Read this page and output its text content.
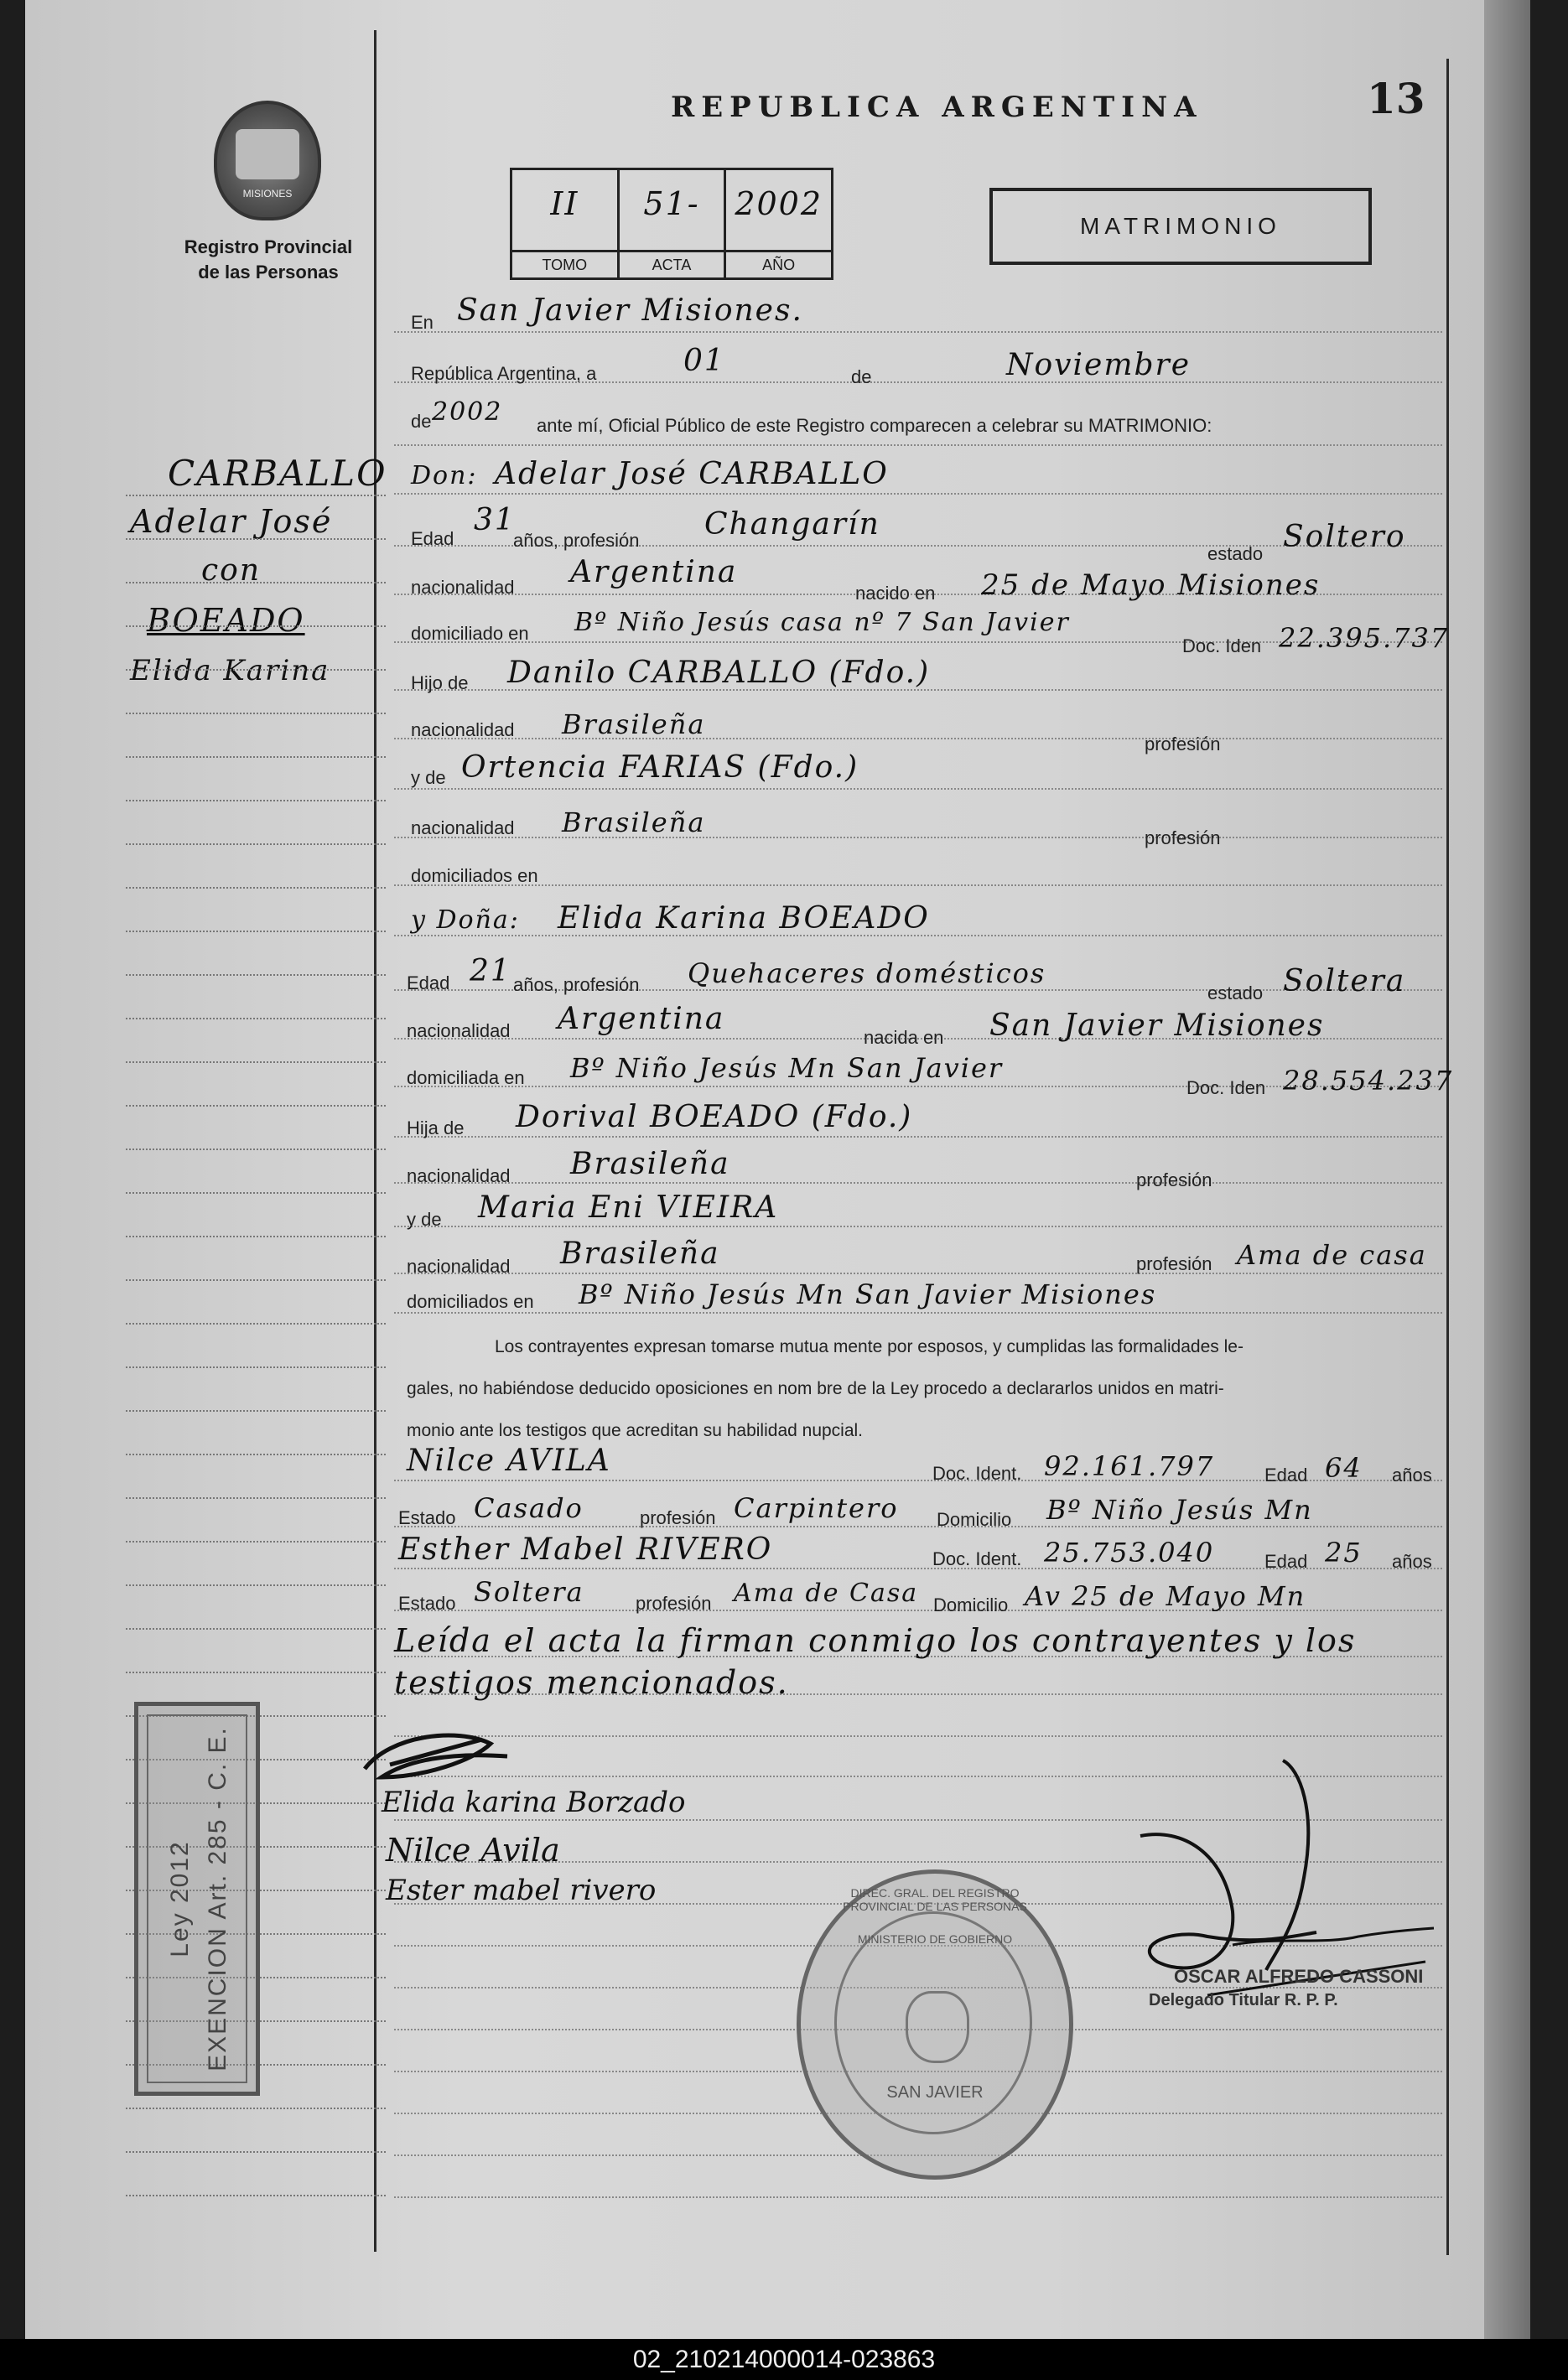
MISIONES
Registro Provincial
de las Personas
REPUBLICA ARGENTINA	13
II
TOMO
51-
ACTA
2002
AÑO
MATRIMONIO
CARBALLO
Adelar José
con
BOEADO
Elida Karina
En San Javier Misiones.
República Argentina, a	01	de	Noviembre
de 2002 ante mí, Oficial Público de este Registro comparecen a celebrar su MATRIMONIO:
Don: Adelar José CARBALLO
Edad
31
años, profesión Changarín
estado Soltero
nacionalidad Argentina
nacido en 25 de Mayo Misiones
domiciliado en Bº Niño Jesús casa nº 7 San Javier
Doc. Iden 22.395.737
Hijo de Danilo CARBALLO (Fdo.)
nacionalidad Brasileña
profesión
y de Ortencia FARIAS (Fdo.)
nacionalidad Brasileña	profesión
domiciliados en
y Doña: Elida Karina BOEADO
Edad 21 años, profesión Quehaceres domésticos
estado Soltera
nacionalidad Argentina
nacida en San Javier Misiones
domiciliada en Bº Niño Jesús Mn San Javier
Doc. Iden 28.554.237
Hija de Dorival BOEADO (Fdo.)
nacionalidad Brasileña	profesión
y de Maria Eni VIEIRA
nacionalidad Brasileña	profesión Ama de casa
domiciliados en Bº Niño Jesús Mn San Javier Misiones
Los contrayentes expresan tomarse mutua mente por esposos, y cumplidas las formalidades le-
gales, no habiéndose deducido oposiciones en nom bre de la Ley procedo a declararlos unidos en matri-
monio ante los testigos que acreditan su habilidad nupcial.
Nilce AVILA	Doc. Ident. 92.161.797	Edad 64 años
Estado Casado	profesión Carpintero Domicilio Bº Niño Jesús Mn
Esther Mabel RIVERO	Doc. Ident. 25.753.040	Edad 25 años
Estado Soltera	profesión Ama de Casa Domicilio Av 25 de Mayo Mn
Leída el acta la firman conmigo los contrayentes y los
testigos mencionados.
Elida karina Borzado
Nilce Avila
Ester mabel rivero
Ley 2012 EXENCION Art. 285 - C. E.	DIREC. GRAL. DEL REGISTRO PROVINCIAL DE LAS PERSONAS
MINISTERIO DE GOBIERNO
SAN JAVIER
OSCAR ALFREDO CASSONI
Delegado Titular R. P. P.
02_210214000014-023863
